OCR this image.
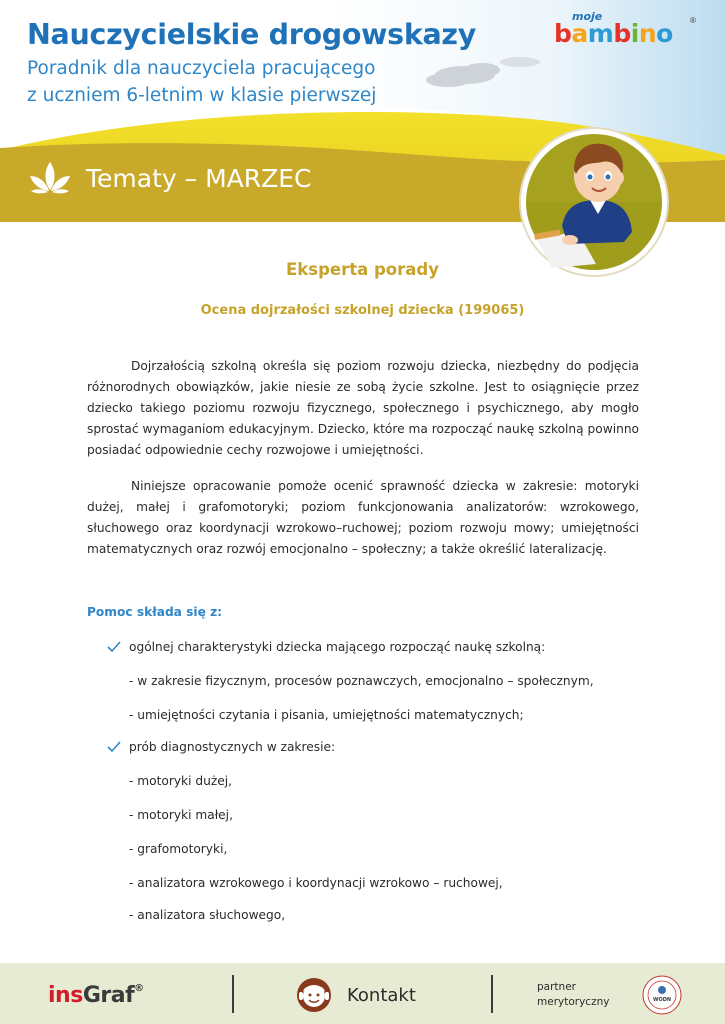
Nauczycielskie drogowskazy
Poradnik dla nauczyciela pracującego
z uczniem 6-letnim w klasie pierwszej
moje
bambino ®
Tematy – MARZEC
Eksperta porady
Ocena dojrzałości szkolnej dziecka (199065)

Dojrzałością szkolną określa się poziom rozwoju dziecka, niezbędny do podjęcia różnorodnych obowiązków, jakie niesie ze sobą życie szkolne. Jest to osiągnięcie przez dziecko takiego poziomu rozwoju fizycznego, społecznego i psychicznego, aby mogło sprostać wymaganiom edukacyjnym. Dziecko, które ma rozpocząć naukę szkolną powinno posiadać odpowiednie cechy rozwojowe i umiejętności.

Niniejsze opracowanie pomoże ocenić sprawność dziecka w zakresie: motoryki dużej, małej i grafomotoryki; poziom funkcjonowania analizatorów: wzrokowego, słuchowego oraz koordynacji wzrokowo–ruchowej; poziom rozwoju mowy; umiejętności matematycznych oraz rozwój emocjonalno – społeczny; a także określić lateralizację.

Pomoc składa się z:

ogólnej charakterystyki dziecka mającego rozpocząć naukę szkolną:
- w zakresie fizycznym, procesów poznawczych, emocjonalno – społecznym,
- umiejętności czytania i pisania, umiejętności matematycznych;
prób diagnostycznych w zakresie:
- motoryki dużej,
- motoryki małej,
- grafomotoryki,
- analizatora wzrokowego i koordynacji wzrokowo – ruchowej,
- analizatora słuchowego,
insGraf®	Kontakt	partner
merytoryczny	WODN
